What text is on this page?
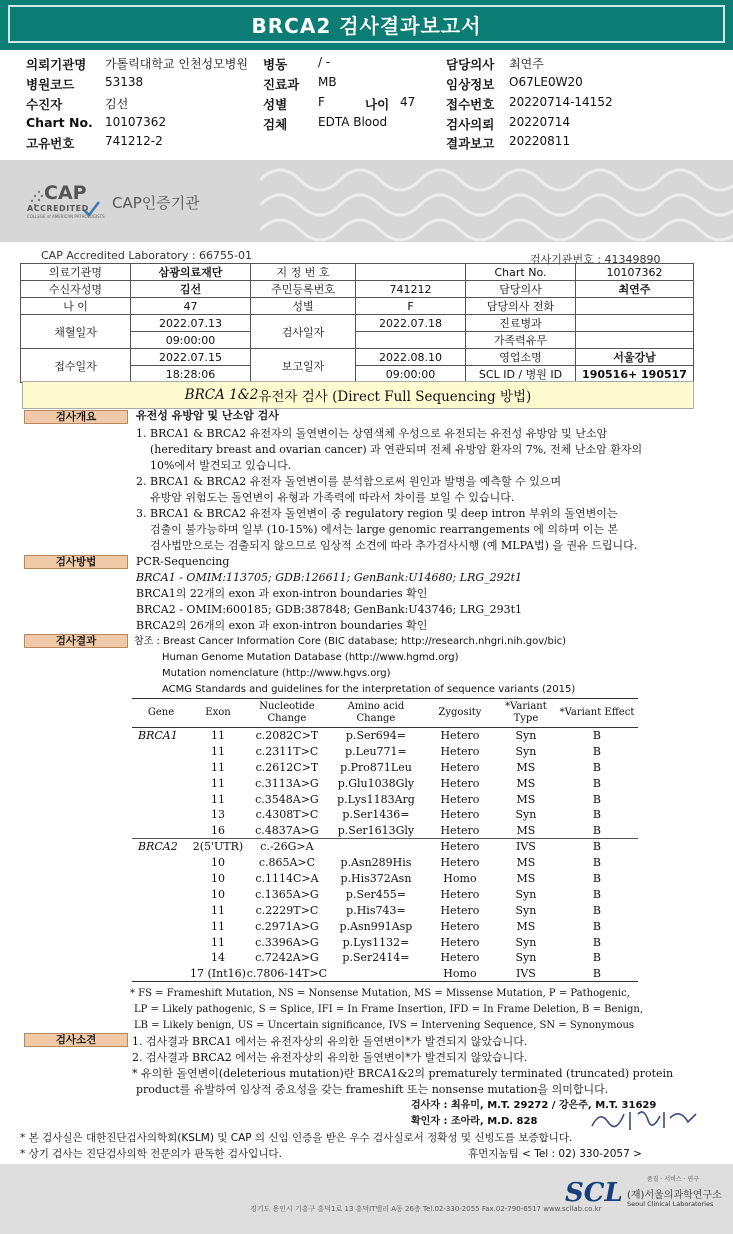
BRCA2 검사결과보고서
의뢰기관명 가톨릭대학교 인천성모병원 병동	/ -	담당의사 최연주
병원코드	53138	진료과 MB	임상정보 O67LE0W20
수진자	김선	성별	F	나이 47 접수번호 20220714-14152
Chart No. 10107362	검체	EDTA Blood	검사의뢰 20220714
고유번호	741212-2	결과보고 20220811
CAP
ACCREDITED
COLLEGE of AMERICAN PATHOLOGISTS
CAP인증기관
CAP Accredited Laboratory : 66755-01	검사기관번호 : 41349890
의료기관명	삼광의료재단	지 정 번 호		Chart No.	10107362
수신자성명	김선	주민등록번호	741212	담당의사	최연주
나 이	47	성별	F	담당의사 전화	
채혈일자	2022.07.13	검사일자	2022.07.18	진료병과	
	09:00:00			가족력유무	
접수일자	2022.07.15	보고일자	2022.08.10	영업소명	서울강남
	18:28:06		09:00:00	SCL ID / 병원 ID	190516+ 190517
BRCA 1&2 유전자 검사 (Direct Full Sequencing 방법)
검사개요	유전성 유방암 및 난소암 검사
1. BRCA1 & BRCA2 유전자의 돌연변이는 상염색체 우성으로 유전되는 유전성 유방암 및 난소암
(hereditary breast and ovarian cancer) 과 연관되며 전체 유방암 환자의 7%, 전체 난소암 환자의
10%에서 발견되고 있습니다.
2. BRCA1 & BRCA2 유전자 돌연변이를 분석함으로써 원인과 발병을 예측할 수 있으며
유방암 위험도는 돌연변이 유형과 가족력에 따라서 차이를 보일 수 있습니다.
3. BRCA1 & BRCA2 유전자 돌연변이 중 regulatory region 및 deep intron 부위의 돌연변이는
검출이 불가능하며 일부 (10-15%) 에서는 large genomic rearrangements 에 의하며 이는 본
검사법만으로는 검출되지 않으므로 임상적 소견에 따라 추가검사시행 (예 MLPA법) 을 권유 드립니다.
검사방법	PCR-Sequencing
BRCA1 - OMIM:113705; GDB:126611; GenBank:U14680; LRG_292t1
BRCA1의 22개의 exon 과 exon-intron boundaries 확인
BRCA2 - OMIM:600185; GDB:387848; GenBank:U43746; LRG_293t1
BRCA2의 26개의 exon 과 exon-intron boundaries 확인
검사결과	참조 : Breast Cancer Information Core (BIC database; http://research.nhgri.nih.gov/bic)
Human Genome Mutation Database (http://www.hgmd.org)
Mutation nomenclature (http://www.hgvs.org)
ACMG Standards and guidelines for the interpretation of sequence variants (2015)
Gene	Exon	Nucleotide Change	Amino acid Change	Zygosity	*Variant Type	*Variant Effect
BRCA1	11	c.2082C>T	p.Ser694=	Hetero	Syn	B
	11	c.2311T>C	p.Leu771=	Hetero	Syn	B
	11	c.2612C>T	p.Pro871Leu	Hetero	MS	B
	11	c.3113A>G	p.Glu1038Gly	Hetero	MS	B
	11	c.3548A>G	p.Lys1183Arg	Hetero	MS	B
	13	c.4308T>C	p.Ser1436=	Hetero	Syn	B
	16	c.4837A>G	p.Ser1613Gly	Hetero	MS	B
BRCA2	2(5'UTR)	c.-26G>A		Hetero	IVS	B
	10	c.865A>C	p.Asn289His	Hetero	MS	B
	10	c.1114C>A	p.His372Asn	Homo	MS	B
	10	c.1365A>G	p.Ser455=	Hetero	Syn	B
	11	c.2229T>C	p.His743=	Hetero	Syn	B
	11	c.2971A>G	p.Asn991Asp	Hetero	MS	B
	11	c.3396A>G	p.Lys1132=	Hetero	Syn	B
	14	c.7242A>G	p.Ser2414=	Hetero	Syn	B
	17 (Int16)	c.7806-14T>C		Homo	IVS	B
* FS = Frameshift Mutation, NS = Nonsense Mutation, MS = Missense Mutation, P = Pathogenic,
LP = Likely pathogenic, S = Splice, IFI = In Frame Insertion, IFD = In Frame Deletion, B = Benign,
LB = Likely benign, US = Uncertain significance, IVS = Intervening Sequence, SN = Synonymous
검사소견	1. 검사결과 BRCA1 에서는 유전자상의 유의한 돌연변이*가 발견되지 않았습니다.
2. 검사결과 BRCA2 에서는 유전자상의 유의한 돌연변이*가 발견되지 않았습니다.
* 유의한 돌연변이(deleterious mutation)란 BRCA1&2의 prematurely terminated (truncated) protein
product를 유발하여 임상적 중요성을 갖는 frameshift 또는 nonsense mutation을 의미합니다.
검사자 : 최유미, M.T. 29272 / 강은주, M.T. 31629
확인자 : 조아라, M.D. 828
* 본 검사실은 대한진단검사의학회(KSLM) 및 CAP 의 신임 인증을 받은 우수 검사실로서 정확성 및 신빙도를 보증합니다.
* 상기 검사는 진단검사의학 전문의가 판독한 검사입니다.	휴먼지놈팀 < Tel : 02) 330-2057 >
경기도 용인시 기흥구 흥덕1로 13 흥덕IT밸리 A동 26층 Tel.02-330-2055 Fax.02-790-6517 www.scllab.co.kr
SCL	품질 · 서비스 · 연구
(재)서울의과학연구소
Seoul Clinical Laboratories
